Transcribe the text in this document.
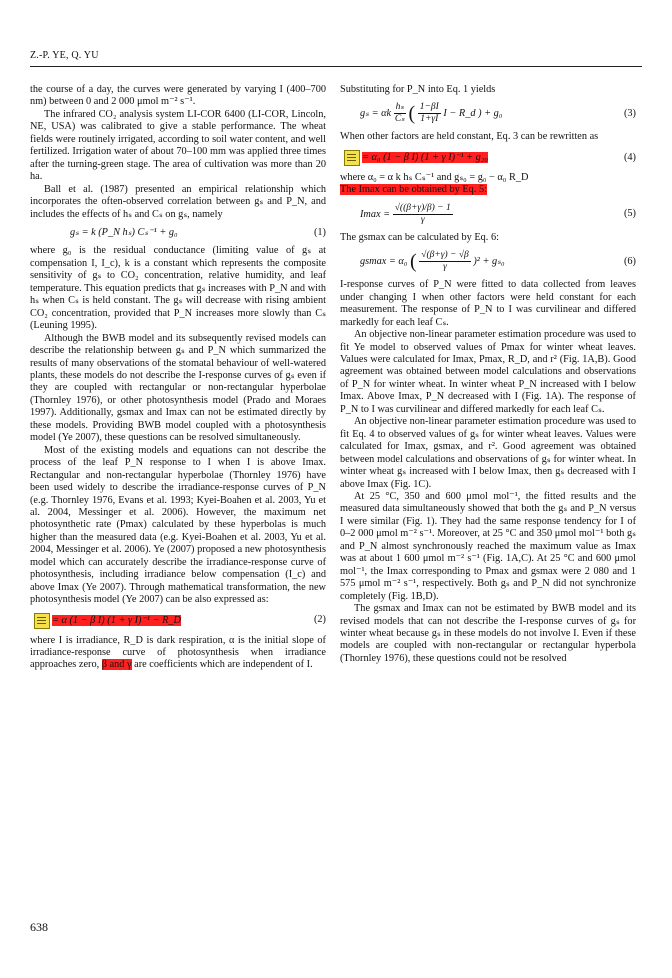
Z.-P. YE, Q. YU

the course of a day, the curves were generated by varying I (400–700 nm) between 0 and 2 000 μmol m⁻² s⁻¹.

The infrared CO₂ analysis system LI-COR 6400 (LI-COR, Lincoln, NE, USA) was calibrated to give a stable performance. The wheat fields were routinely irrigated, according to soil water content, and well fertilized. Irrigation water of about 70–100 mm was applied three times after the turning-green stage. The area of cultivation was more than 20 ha.

Ball et al. (1987) presented an empirical relationship which incorporates the often-observed correlation between gₛ and P_N, and includes the effects of hₛ and Cₛ on gₛ, namely

gₛ = k (P_N hₛ) Cₛ⁻¹ + g₀	(1)

where g₀ is the residual conductance (limiting value of gₛ at compensation I, I_c), k is a constant which represents the composite sensitivity of gₛ to CO₂ concentration, relative humidity, and leaf temperature. This equation predicts that gₛ increases with P_N and with hₛ when Cₛ is held constant. The gₛ will decrease with rising ambient CO₂ concentration, provided that P_N increases more slowly than Cₛ (Leuning 1995).

Although the BWB model and its subsequently revised models can describe the relationship between gₛ and P_N which summarized the results of many observations of the stomatal behaviour of well-watered plants, these models do not describe the I-response curves of gₛ even if they are coupled with rectangular or non-rectangular hyperbolae (Thornley 1976), or other photosynthesis model (Prado and Moraes 1997). Additionally, gsmax and Imax can not be estimated directly by these models. Providing BWB model coupled with a photosynthesis model (Ye 2007), these questions can be resolved simultaneously.

Most of the existing models and equations can not describe the process of the leaf P_N response to I when I is above Imax. Rectangular and non-rectangular hyperbolae (Thornley 1976) have been used widely to describe the irradiance-response curves of P_N (e.g. Thornley 1976, Evans et al. 1993; Kyei-Boahen et al. 2003, Yu et al. 2004, Messinger et al. 2006). However, the maximum net photosynthetic rate (Pmax) calculated by these hyperbolas is much higher than the measured data (e.g. Kyei-Boahen et al. 2003, Yu et al. 2004, Messinger et al. 2006). Ye (2007) proposed a new photosynthesis model which can accurately describe the irradiance-response curve of photosynthesis, including irradiance below compensation (I_c) and above Imax (Ye 2007). Through mathematical transformation, the new photosynthesis model (Ye 2007) can be also expressed as:

= α (1 − β I) (1 + γ I)⁻¹ − R_D	(2)

where I is irradiance, R_D is dark respiration, α is the initial slope of irradiance-response curve of photosynthesis when irradiance approaches zero, β and γ are coefficients which are independent of I.

Substituting for P_N into Eq. 1 yields

gₛ = αk $\frac{\text{hₛ}}{\text{Cₛ}}$ ( $\frac{1-\beta I}{1+\gamma I}$ I − R_d ) + g₀	(3)

When other factors are held constant, Eq. 3 can be rewritten as

= α₀ (1 − β I) (1 + γ I)⁻¹ + g₂₀	(4)

where α₀ = α k hₛ Cₛ⁻¹ and gₛ₀ = g₀ − α₀ R_D

The Imax can be obtained by Eq. 5:

$Imax = \frac{√((\beta+\gamma)/\beta) - 1}{\gamma}$	(5)

The gsmax can be calculated by Eq. 6:

gsmax = α₀ ( $\frac{√(\beta+\gamma) - √\beta}{\gamma} )^2 + g_{s0}$	(6)

I-response curves of P_N were fitted to data collected from leaves under changing I when other factors were held constant for each measurement. The response of P_N to I was curvilinear and differed markedly for each leaf Cₛ.

An objective non-linear parameter estimation procedure was used to fit Ye model to observed values of Pmax for winter wheat leaves. Values were calculated for Imax, Pmax, R_D, and r² (Fig. 1A,B). Good agreement was obtained between model calculations and observations of P_N for winter wheat. In winter wheat P_N increased with I below Imax. Above Imax, P_N decreased with I (Fig. 1A). The response of P_N to I was curvilinear and differed markedly for each leaf Cₛ.

An objective non-linear parameter estimation procedure was used to fit Eq. 4 to observed values of gₛ for winter wheat leaves. Values were calculated for Imax, gsmax, and r². Good agreement was obtained between model calculations and observations of gₛ for winter wheat. In winter wheat gₛ increased with I below Imax, then gₛ decreased with I above Imax (Fig. 1C).

At 25 °C, 350 and 600 μmol mol⁻¹, the fitted results and the measured data simultaneously showed that both the gₛ and P_N versus I were similar (Fig. 1). They had the same response tendency for I of 0–2 000 μmol m⁻² s⁻¹. Moreover, at 25 °C and 350 μmol mol⁻¹ both gₛ and P_N almost synchronously reached the maximum value as Imax was at about 1 600 μmol m⁻² s⁻¹ (Fig. 1A,C). At 25 °C and 600 μmol mol⁻¹, the Imax corresponding to Pmax and gsmax were 2 080 and 1 575 μmol m⁻² s⁻¹, respectively. Both gₛ and P_N did not synchronize completely (Fig. 1B,D).

The gsmax and Imax can not be estimated by BWB model and its revised models that can not describe the I-response curves of gₛ for winter wheat because gₛ in these models do not involve I. Even if these models are coupled with non-rectangular or rectangular hyperbola (Thornley 1976), these questions could not be resolved

638
